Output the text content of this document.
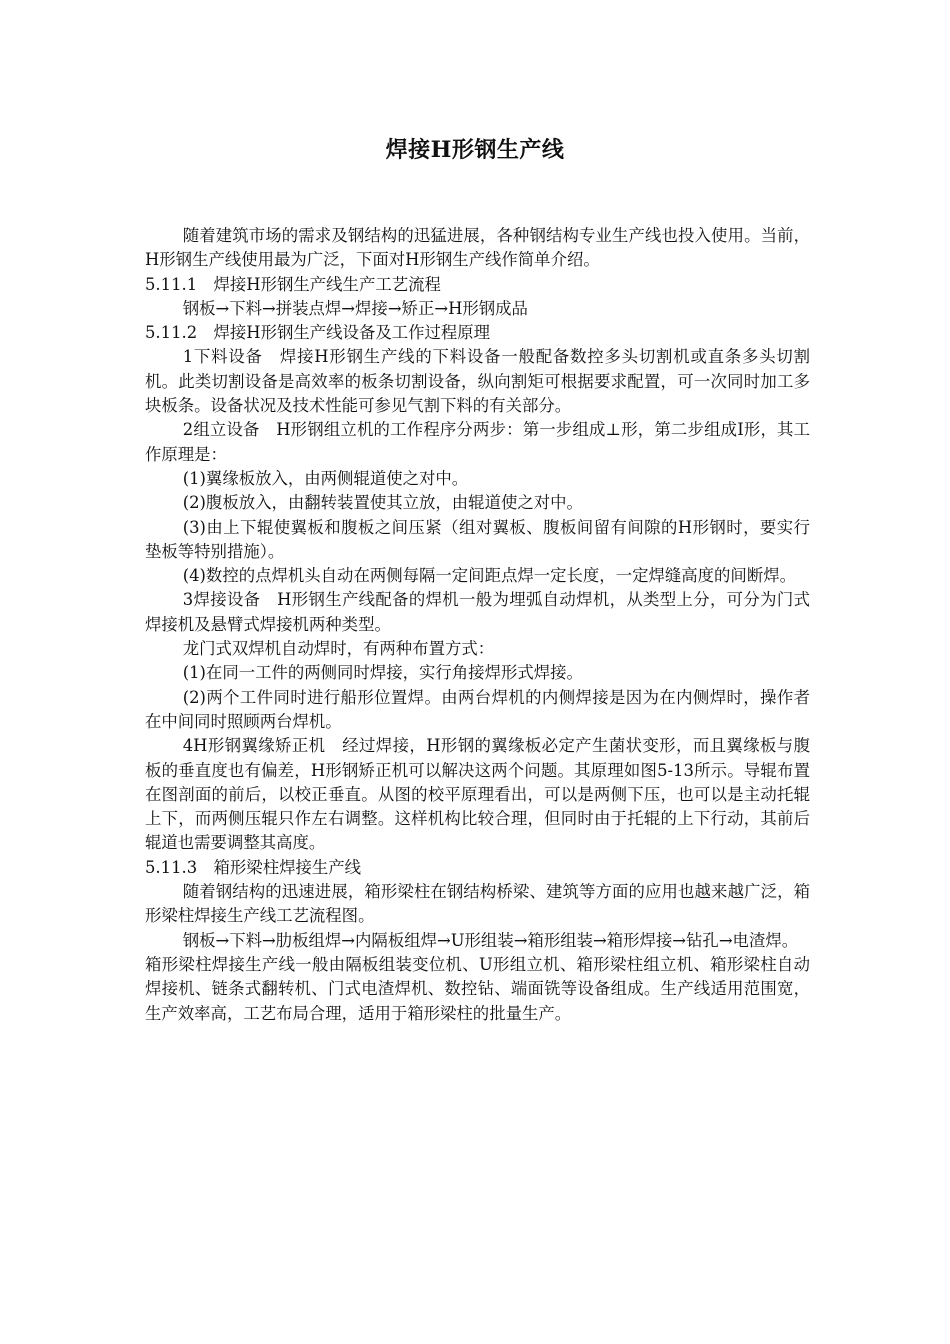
焊接H形钢生产线

随着建筑市场的需求及钢结构的迅猛进展，各种钢结构专业生产线也投入使用。当前，H形钢生产线使用最为广泛，下面对H形钢生产线作简单介绍。

5.11.1　焊接H形钢生产线生产工艺流程

钢板→下料→拼装点焊→焊接→矫正→H形钢成品

5.11.2　焊接H形钢生产线设备及工作过程原理

1下料设备　焊接H形钢生产线的下料设备一般配备数控多头切割机或直条多头切割机。此类切割设备是高效率的板条切割设备，纵向割矩可根据要求配置，可一次同时加工多块板条。设备状况及技术性能可参见气割下料的有关部分。

2组立设备　H形钢组立机的工作程序分两步：第一步组成⊥形，第二步组成I形，其工作原理是：

(1)翼缘板放入，由两侧辊道使之对中。

(2)腹板放入，由翻转装置使其立放，由辊道使之对中。

(3)由上下辊使翼板和腹板之间压紧（组对翼板、腹板间留有间隙的H形钢时，要实行垫板等特别措施）。

(4)数控的点焊机头自动在两侧每隔一定间距点焊一定长度，一定焊缝高度的间断焊。

3焊接设备　H形钢生产线配备的焊机一般为埋弧自动焊机，从类型上分，可分为门式焊接机及悬臂式焊接机两种类型。

龙门式双焊机自动焊时，有两种布置方式：

(1)在同一工件的两侧同时焊接，实行角接焊形式焊接。

(2)两个工件同时进行船形位置焊。由两台焊机的内侧焊接是因为在内侧焊时，操作者在中间同时照顾两台焊机。

4H形钢翼缘矫正机　经过焊接，H形钢的翼缘板必定产生菌状变形，而且翼缘板与腹板的垂直度也有偏差，H形钢矫正机可以解决这两个问题。其原理如图5-13所示。导辊布置在图剖面的前后，以校正垂直。从图的校平原理看出，可以是两侧下压，也可以是主动托辊上下，而两侧压辊只作左右调整。这样机构比较合理，但同时由于托辊的上下行动，其前后辊道也需要调整其高度。

5.11.3　箱形梁柱焊接生产线

随着钢结构的迅速进展，箱形梁柱在钢结构桥梁、建筑等方面的应用也越来越广泛，箱形梁柱焊接生产线工艺流程图。

钢板→下料→肋板组焊→内隔板组焊→U形组装→箱形组装→箱形焊接→钻孔→电渣焊。

箱形梁柱焊接生产线一般由隔板组装变位机、U形组立机、箱形梁柱组立机、箱形梁柱自动焊接机、链条式翻转机、门式电渣焊机、数控钻、端面铣等设备组成。生产线适用范围宽，生产效率高，工艺布局合理，适用于箱形梁柱的批量生产。
